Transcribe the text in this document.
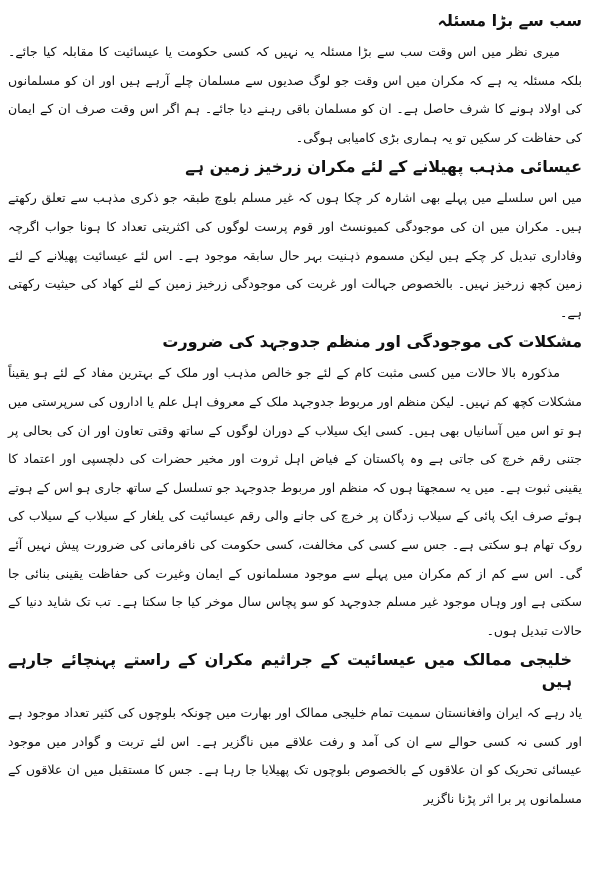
سب سے بڑا مسئلہ

میری نظر میں اس وقت سب سے بڑا مسئلہ یہ نہیں کہ کسی حکومت یا عیسائیت کا مقابلہ کیا جائے۔ بلکہ مسئلہ یہ ہے کہ مکران میں اس وقت جو لوگ صدیوں سے مسلمان چلے آرہے ہیں اور ان کو مسلمانوں کی اولاد ہونے کا شرف حاصل ہے۔ ان کو مسلمان باقی رہنے دیا جائے۔ ہم اگر اس وقت صرف ان کے ایمان کی حفاظت کر سکیں تو یہ ہماری بڑی کامیابی ہوگی۔

عیسائی مذہب پھیلانے کے لئے مکران زرخیز زمین ہے

میں اس سلسلے میں پہلے بھی اشارہ کر چکا ہوں کہ غیر مسلم بلوچ طبقہ جو ذکری مذہب سے تعلق رکھتے ہیں۔ مکران میں ان کی موجودگی کمیونسٹ اور قوم پرست لوگوں کی اکثریتی تعداد کا ہونا جواب اگرچہ وفاداری تبدیل کر چکے ہیں لیکن مسموم ذہنیت بہر حال سابقہ موجود ہے۔ اس لئے عیسائیت پھیلانے کے لئے زمین کچھ زرخیز نہیں۔ بالخصوص جہالت اور غربت کی موجودگی زرخیز زمین کے لئے کھاد کی حیثیت رکھتی ہے۔

مشکلات کی موجودگی اور منظم جدوجہد کی ضرورت

مذکورہ بالا حالات میں کسی مثبت کام کے لئے جو خالص مذہب اور ملک کے بہترین مفاد کے لئے ہو یقیناً مشکلات کچھ کم نہیں۔ لیکن منظم اور مربوط جدوجہد ملک کے معروف اہل علم یا اداروں کی سرپرستی میں ہو تو اس میں آسانیاں بھی ہیں۔ کسی ایک سیلاب کے دوران لوگوں کے ساتھ وقتی تعاون اور ان کی بحالی پر جتنی رقم خرچ کی جاتی ہے وہ پاکستان کے فیاض اہل ثروت اور مخیر حضرات کی دلچسپی اور اعتماد کا یقینی ثبوت ہے۔ میں یہ سمجھتا ہوں کہ منظم اور مربوط جدوجہد جو تسلسل کے ساتھ جاری ہو اس کے ہوتے ہوئے صرف ایک پائی کے سیلاب زدگان پر خرچ کی جانے والی رقم عیسائیت کی یلغار کے سیلاب کے سیلاب کی روک تھام ہو سکتی ہے۔ جس سے کسی کی مخالفت، کسی حکومت کی نافرمانی کی ضرورت پیش نہیں آئے گی۔ اس سے کم از کم مکران میں پہلے سے موجود مسلمانوں کے ایمان وغیرت کی حفاظت یقینی بنائی جا سکتی ہے اور وہاں موجود غیر مسلم جدوجہد کو سو پچاس سال موخر کیا جا سکتا ہے۔ تب تک شاید دنیا کے حالات تبدیل ہوں۔

خلیجی ممالک میں عیسائیت کے جراثیم مکران کے راستے پہنچائے جارہے ہیں

یاد رہے کہ ایران وافغانستان سمیت تمام خلیجی ممالک اور بھارت میں چونکہ بلوچوں کی کثیر تعداد موجود ہے اور کسی نہ کسی حوالے سے ان کی آمد و رفت علاقے میں ناگزیر ہے۔ اس لئے تربت و گوادر میں موجود عیسائی تحریک کو ان علاقوں کے بالخصوص بلوچوں تک پھیلایا جا رہا ہے۔ جس کا مستقبل میں ان علاقوں کے مسلمانوں پر برا اثر پڑنا ناگزیر
